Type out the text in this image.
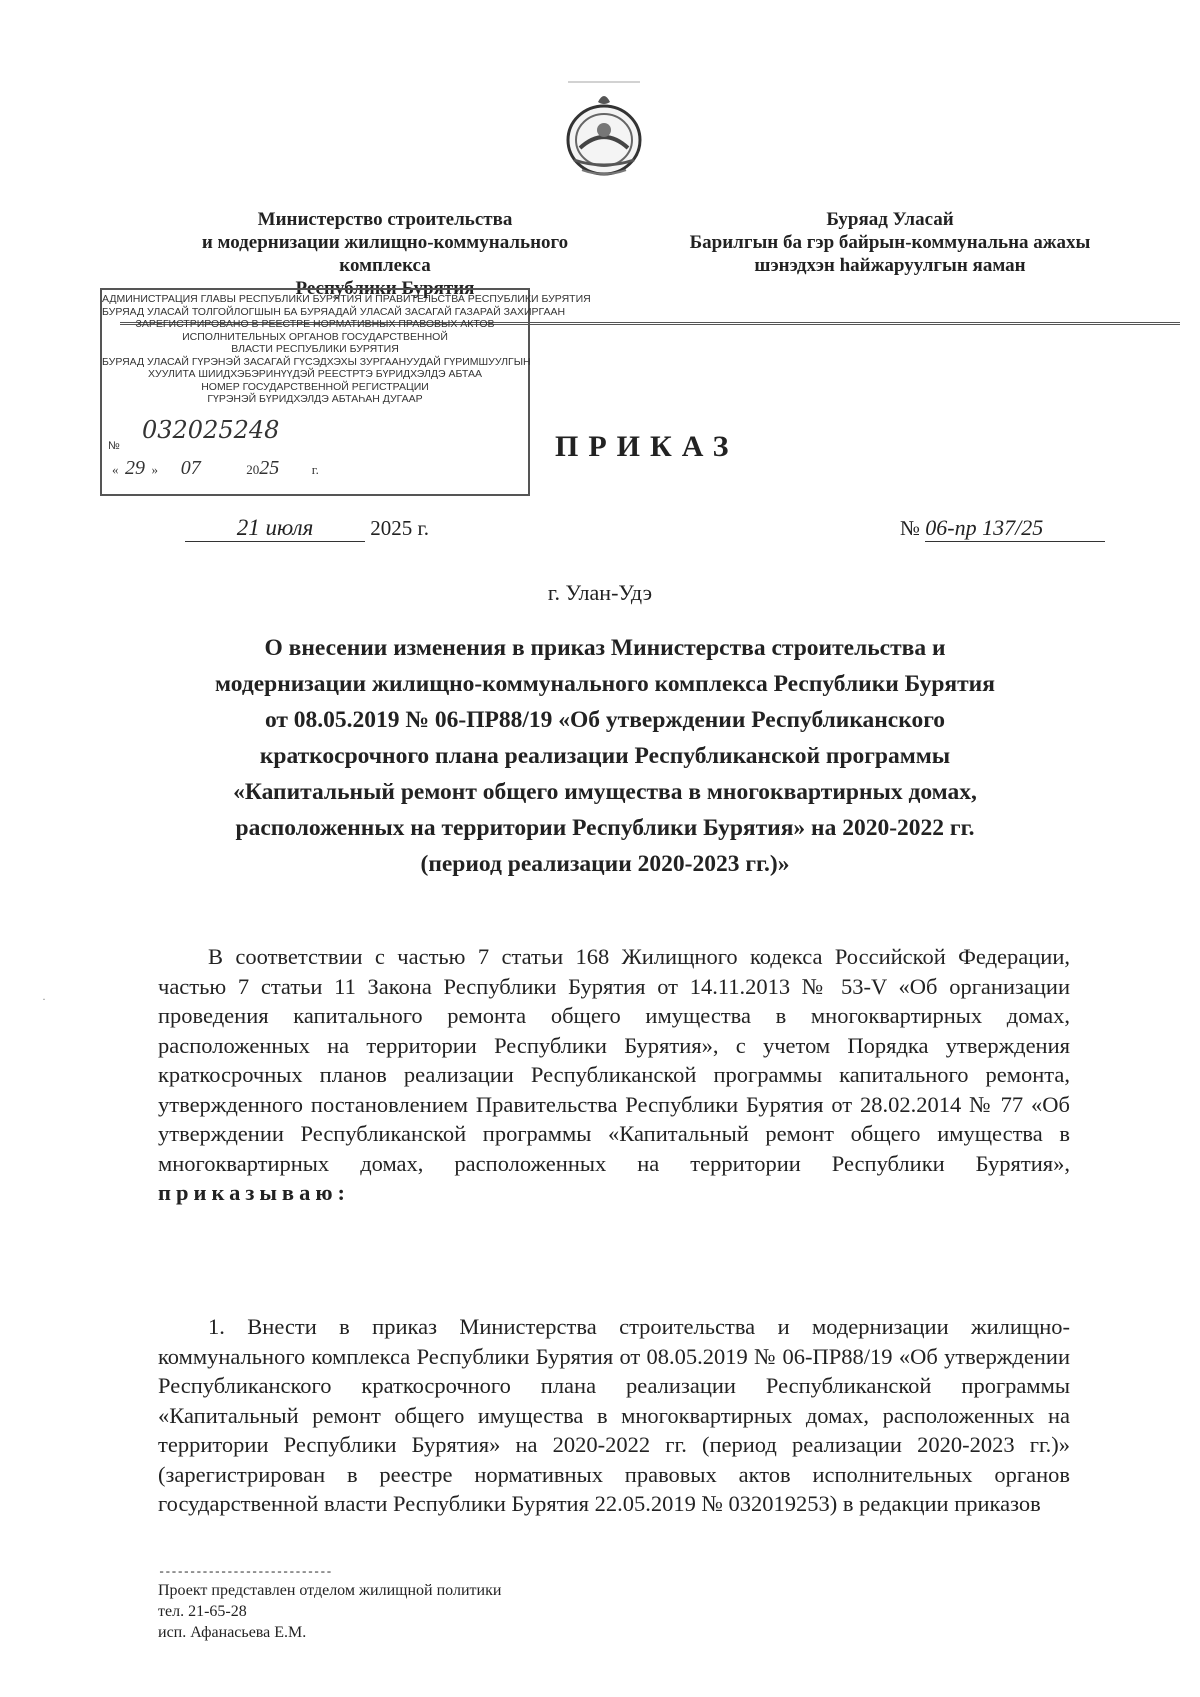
Министерство строительства
и модернизации жилищно-коммунального
комплекса
Республики Бурятия
Буряад Уласай
Барилгын ба гэр байрын-коммунальна ажахы
шэнэдхэн һайжаруулгын яаман
АДМИНИСТРАЦИЯ ГЛАВЫ РЕСПУБЛИКИ БУРЯТИЯ И ПРАВИТЕЛЬСТВА РЕСПУБЛИКИ БУРЯТИЯ
БУРЯАД УЛАСАЙ ТОЛГОЙЛОГШЫН БА БУРЯАДАЙ УЛАСАЙ ЗАСАГАЙ ГАЗАРАЙ ЗАХИРГААН
ЗАРЕГИСТРИРОВАНО В РЕЕСТРЕ НОРМАТИВНЫХ ПРАВОВЫХ АКТОВ
ИСПОЛНИТЕЛЬНЫХ ОРГАНОВ ГОСУДАРСТВЕННОЙ
ВЛАСТИ РЕСПУБЛИКИ БУРЯТИЯ
БУРЯАД УЛАСАЙ ГҮРЭНЭЙ ЗАСАГАЙ ГҮСЭДХЭХЫ ЗУРГААНУУДАЙ ГҮРИМШУУЛГЫН
ХУУЛИТА ШИИДХЭБЭРИНҮҮДЭЙ РЕЕСТРТЭ БҮРИДХЭЛДЭ АБТАА
НОМЕР ГОСУДАРСТВЕННОЙ РЕГИСТРАЦИИ
ГҮРЭНЭЙ БҮРИДХЭЛДЭ АБТАҺАН ДУГААР
№
032025248
« 29 » 07	2025	г.
ПРИКАЗ
21 июля	2025 г.	№ 06-пр 137/25
г. Улан-Удэ
О внесении изменения в приказ Министерства строительства и
модернизации жилищно-коммунального комплекса Республики Бурятия
от 08.05.2019 № 06-ПР88/19 «Об утверждении Республиканского
краткосрочного плана реализации Республиканской программы
«Капитальный ремонт общего имущества в многоквартирных домах,
расположенных на территории Республики Бурятия» на 2020-2022 гг.
(период реализации 2020-2023 гг.)»
·

В соответствии с частью 7 статьи 168 Жилищного кодекса Российской Федерации, частью 7 статьи 11 Закона Республики Бурятия от 14.11.2013 № 53-V «Об организации проведения капитального ремонта общего имущества в многоквартирных домах, расположенных на территории Республики Бурятия», с учетом Порядка утверждения краткосрочных планов реализации Республиканской программы капитального ремонта, утвержденного постановлением Правительства Республики Бурятия от 28.02.2014 № 77 «Об утверждении Республиканской программы «Капитальный ремонт общего имущества в многоквартирных домах, расположенных на территории Республики Бурятия», приказываю:

1. Внести в приказ Министерства строительства и модернизации жилищно-коммунального комплекса Республики Бурятия от 08.05.2019 № 06-ПР88/19 «Об утверждении Республиканского краткосрочного плана реализации Республиканской программы «Капитальный ремонт общего имущества в многоквартирных домах, расположенных на территории Республики Бурятия» на 2020-2022 гг. (период реализации 2020-2023 гг.)» (зарегистрирован в реестре нормативных правовых актов исполнительных органов государственной власти Республики Бурятия 22.05.2019 № 032019253) в редакции приказов

----------------------------
Проект представлен отделом жилищной политики
тел. 21-65-28
исп. Афанасьева Е.М.
